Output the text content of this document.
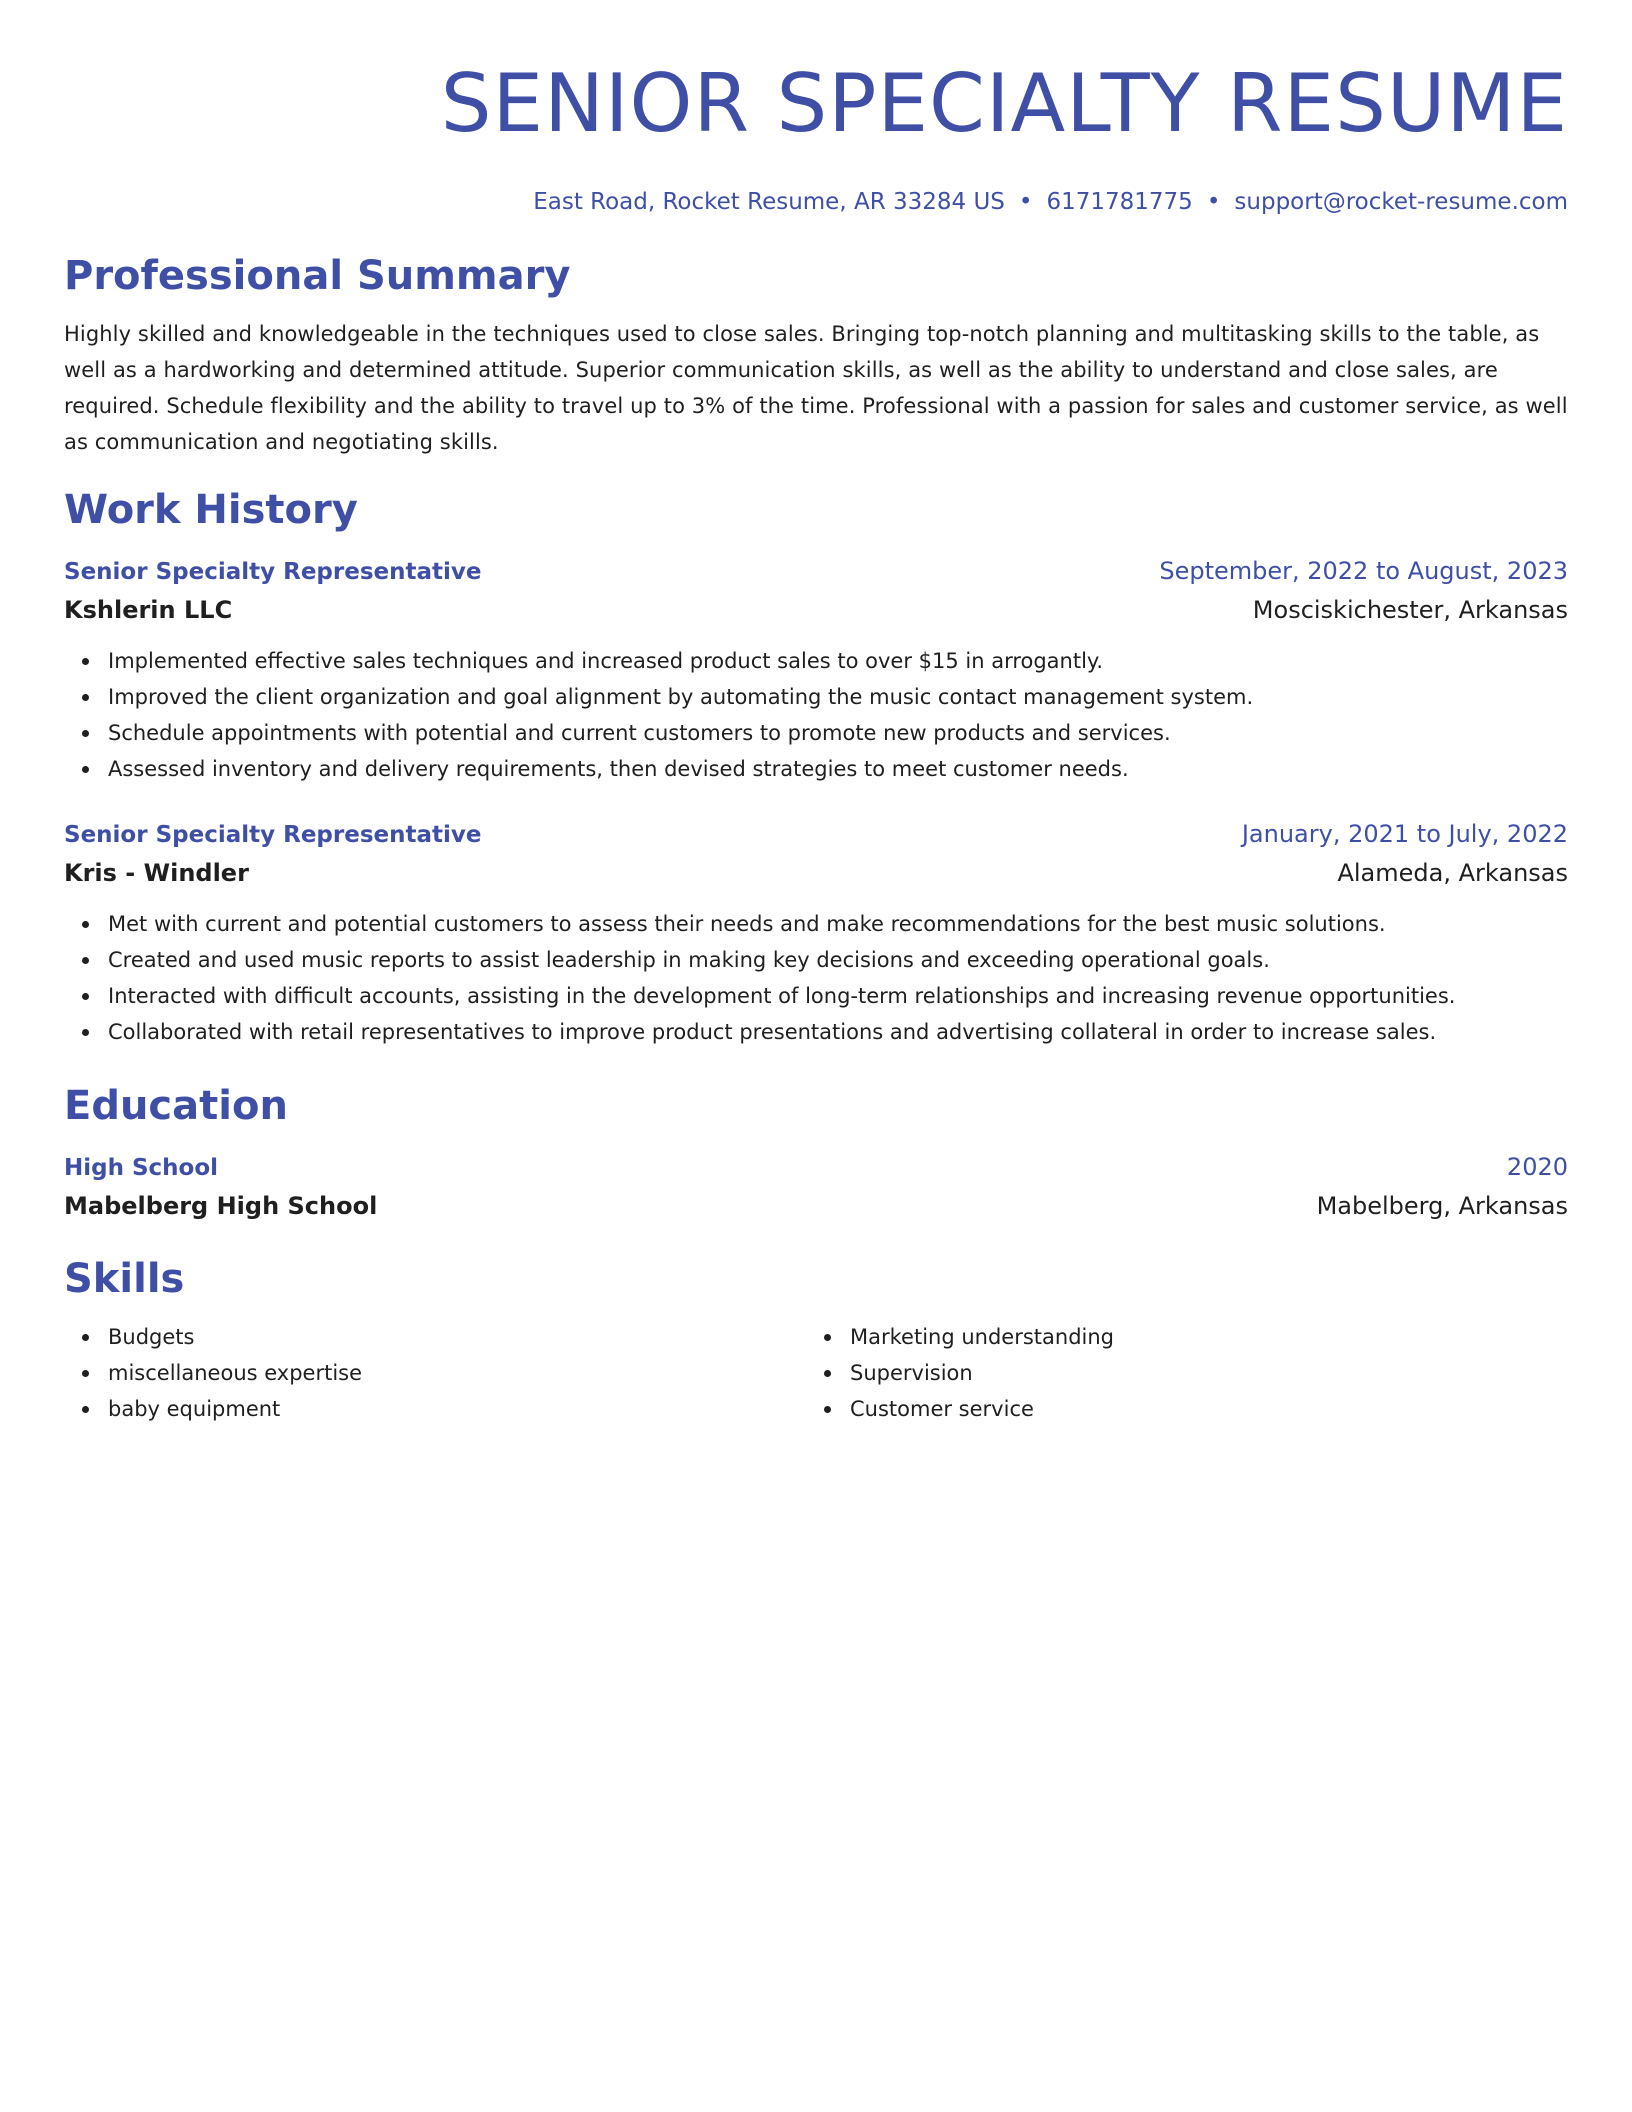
SENIOR SPECIALTY RESUME
East Road, Rocket Resume, AR 33284 US • 6171781775 • support@rocket-resume.com
Professional Summary
Highly skilled and knowledgeable in the techniques used to close sales. Bringing top-notch planning and multitasking skills to the table, as well as a hardworking and determined attitude. Superior communication skills, as well as the ability to understand and close sales, are required. Schedule flexibility and the ability to travel up to 3% of the time. Professional with a passion for sales and customer service, as well as communication and negotiating skills.
Work History
Senior Specialty Representative	September, 2022 to August, 2023
Kshlerin LLC	Mosciskichester, Arkansas
Implemented effective sales techniques and increased product sales to over $15 in arrogantly.
Improved the client organization and goal alignment by automating the music contact management system.
Schedule appointments with potential and current customers to promote new products and services.
Assessed inventory and delivery requirements, then devised strategies to meet customer needs.
Senior Specialty Representative	January, 2021 to July, 2022
Kris - Windler	Alameda, Arkansas
Met with current and potential customers to assess their needs and make recommendations for the best music solutions.
Created and used music reports to assist leadership in making key decisions and exceeding operational goals.
Interacted with difficult accounts, assisting in the development of long-term relationships and increasing revenue opportunities.
Collaborated with retail representatives to improve product presentations and advertising collateral in order to increase sales.
Education
High School	2020
Mabelberg High School	Mabelberg, Arkansas
Skills
Budgets
miscellaneous expertise
baby equipment
Marketing understanding
Supervision
Customer service
